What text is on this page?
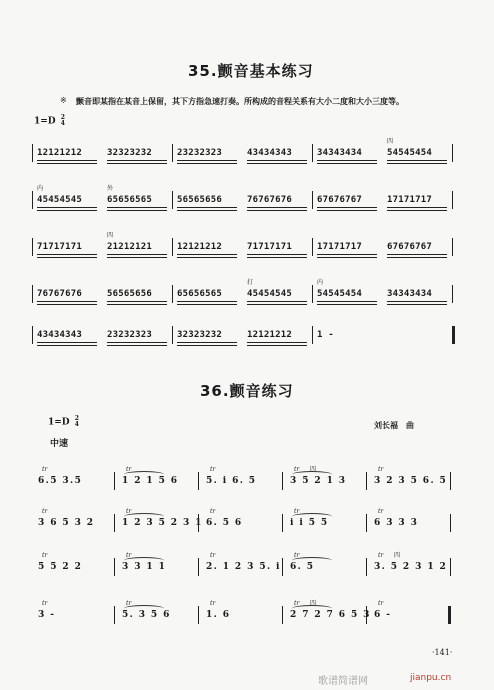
35.颤音基本练习
※ 颤音即某指在某音上保留，其下方指急速打奏。所构成的音程关系有大小二度和大小三度等。
1=D 2
4
12121212	32323232	23232323	43434343	34343434	54545454
四
45454545	65656565	56565656	76767676	67676767	17171717
内	外
71717171	21212121	12121212	71717171	17171717	67676767
四
76767676	56565656	65656565	45454545	54545454	34343434
打	内
43434343	23232323	32323232	12121212	1 -
36.颤音练习
1=D 2
4
中速
刘长福　曲
6.5 3.5
tr
1 2 1 5 6
tr
5. i 6. 5
tr
3 5 2 1 3
tr
3 2 3 5 6. 5
tr
四
3 6 5 3 2
tr
1 2 3 5 2 3 1
tr
6. 5 6
tr
i i 5 5
tr
6 3 3 3
tr
5 5 2 2
tr
3 3 1 1
tr
2. 1 2 3 5. i
tr
6. 5
tr
3. 5 2 3 1 2
tr 四
3 -
tr
5. 3 5 6
tr
1. 6
tr
2 7 2 7 6 5 3
tr
6 -
tr
四
·141·
歌谱简谱网	jianpu.cn
